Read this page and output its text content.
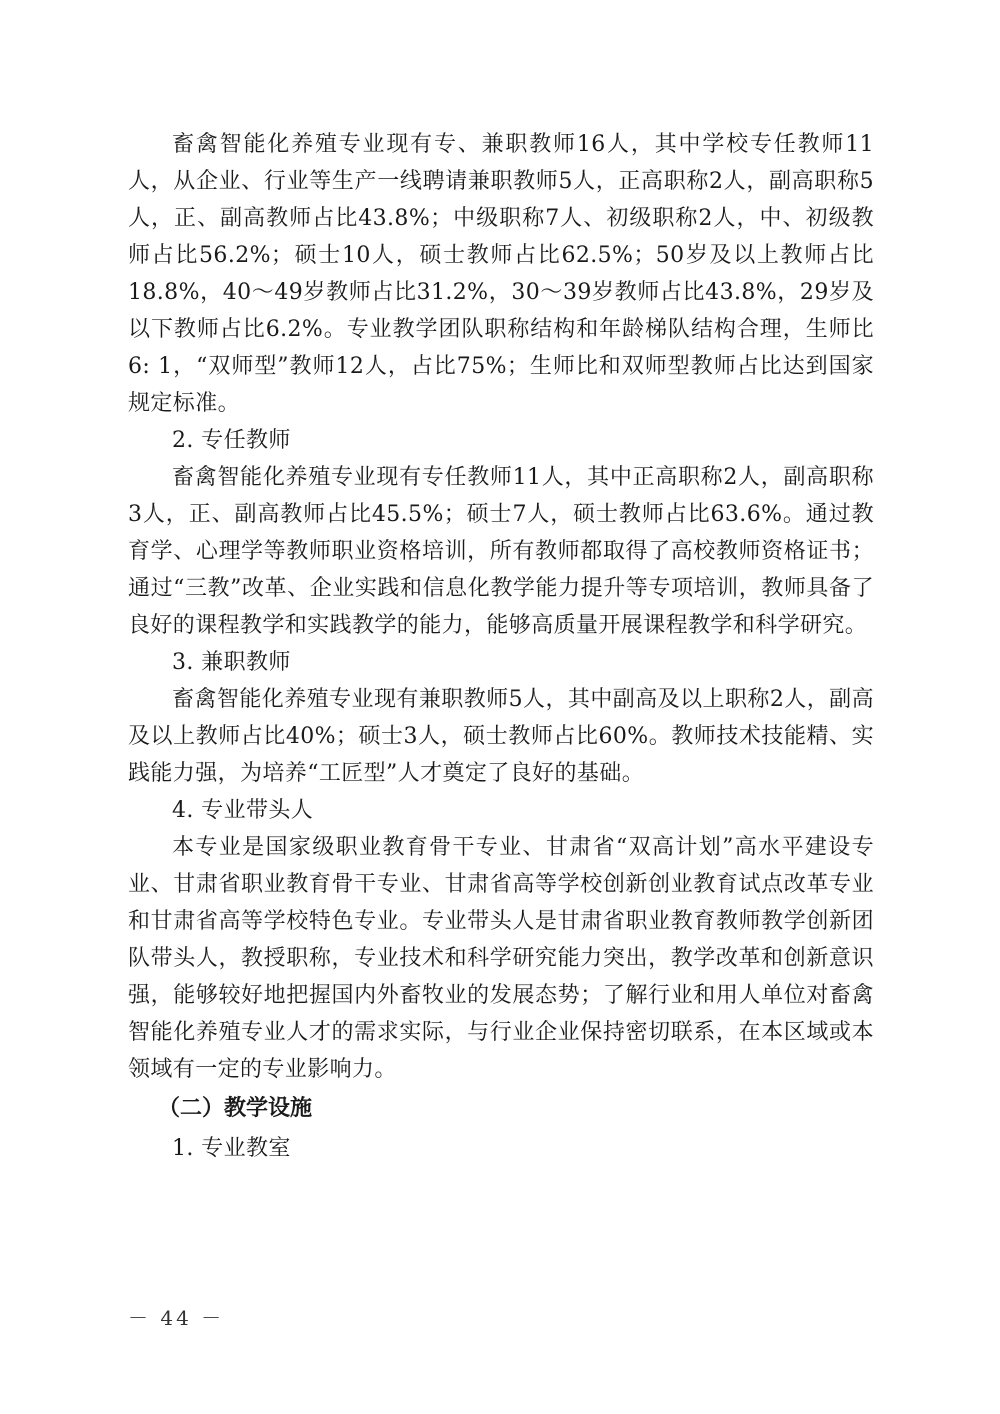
畜禽智能化养殖专业现有专、兼职教师16人，其中学校专任教师11人，从企业、行业等生产一线聘请兼职教师5人，正高职称2人，副高职称5人，正、副高教师占比43.8%；中级职称7人、初级职称2人，中、初级教师占比56.2%；硕士10人，硕士教师占比62.5%；50岁及以上教师占比18.8%，40～49岁教师占比31.2%，30～39岁教师占比43.8%，29岁及以下教师占比6.2%。专业教学团队职称结构和年龄梯队结构合理，生师比6: 1，“双师型”教师12人，占比75%；生师比和双师型教师占比达到国家规定标准。

2. 专任教师

畜禽智能化养殖专业现有专任教师11人，其中正高职称2人，副高职称3人，正、副高教师占比45.5%；硕士7人，硕士教师占比63.6%。通过教育学、心理学等教师职业资格培训，所有教师都取得了高校教师资格证书；通过“三教”改革、企业实践和信息化教学能力提升等专项培训，教师具备了良好的课程教学和实践教学的能力，能够高质量开展课程教学和科学研究。

3. 兼职教师

畜禽智能化养殖专业现有兼职教师5人，其中副高及以上职称2人，副高及以上教师占比40%；硕士3人，硕士教师占比60%。教师技术技能精、实践能力强，为培养“工匠型”人才奠定了良好的基础。

4. 专业带头人

本专业是国家级职业教育骨干专业、甘肃省“双高计划”高水平建设专业、甘肃省职业教育骨干专业、甘肃省高等学校创新创业教育试点改革专业和甘肃省高等学校特色专业。专业带头人是甘肃省职业教育教师教学创新团队带头人，教授职称，专业技术和科学研究能力突出，教学改革和创新意识强，能够较好地把握国内外畜牧业的发展态势；了解行业和用人单位对畜禽智能化养殖专业人才的需求实际，与行业企业保持密切联系，在本区域或本领域有一定的专业影响力。

（二）教学设施

1. 专业教室

－ 44 －
